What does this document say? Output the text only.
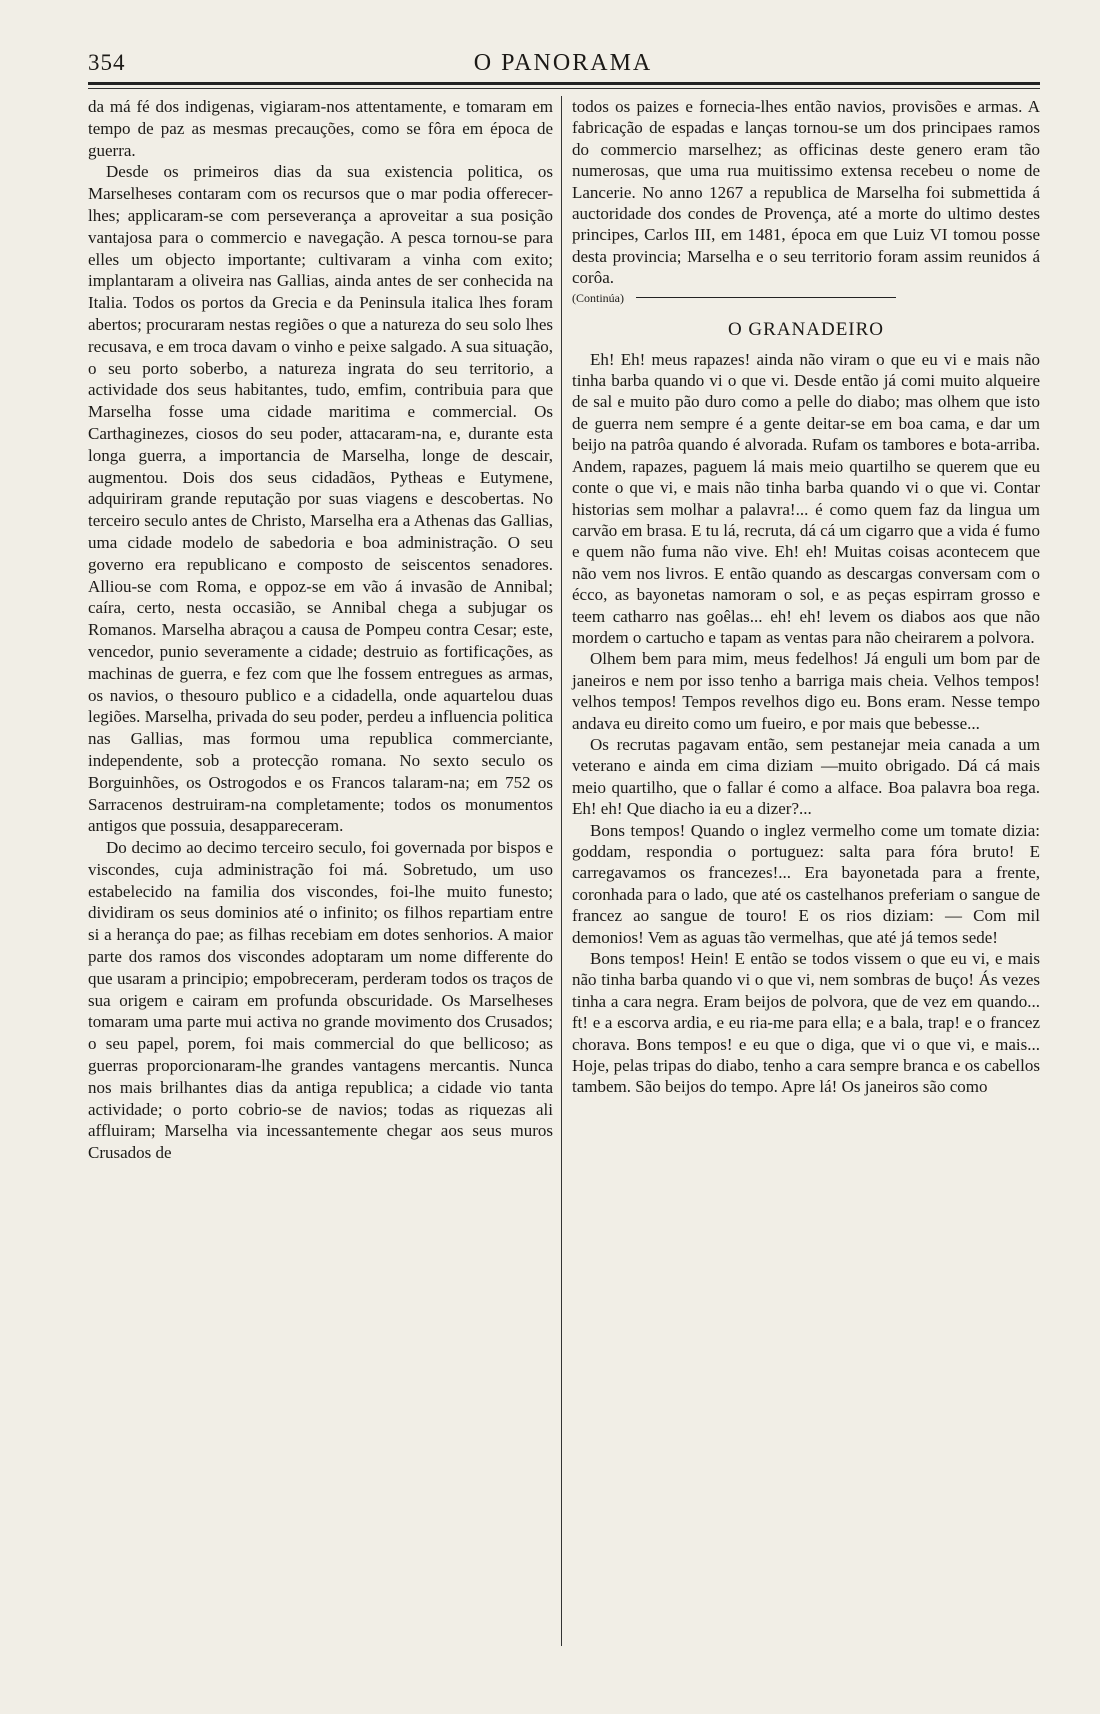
354	O PANORAMA

da má fé dos indigenas, vigiaram-nos attentamente, e tomaram em tempo de paz as mesmas precauções, como se fôra em época de guerra.

Desde os primeiros dias da sua existencia politica, os Marselheses contaram com os recursos que o mar podia offerecer-lhes; applicaram-se com perseverança a aproveitar a sua posição vantajosa para o commercio e navegação. A pesca tornou-se para elles um objecto importante; cultivaram a vinha com exito; implantaram a oliveira nas Gallias, ainda antes de ser conhecida na Italia. Todos os portos da Grecia e da Peninsula italica lhes foram abertos; procuraram nestas regiões o que a natureza do seu solo lhes recusava, e em troca davam o vinho e peixe salgado. A sua situação, o seu porto soberbo, a natureza ingrata do seu territorio, a actividade dos seus habitantes, tudo, emfim, contribuia para que Marselha fosse uma cidade maritima e commercial. Os Carthaginezes, ciosos do seu poder, attacaram-na, e, durante esta longa guerra, a importancia de Marselha, longe de descair, augmentou. Dois dos seus cidadãos, Pytheas e Eutymene, adquiriram grande reputação por suas viagens e descobertas. No terceiro seculo antes de Christo, Marselha era a Athenas das Gallias, uma cidade modelo de sabedoria e boa administração. O seu governo era republicano e composto de seiscentos senadores. Alliou-se com Roma, e oppoz-se em vão á invasão de Annibal; caíra, certo, nesta occasião, se Annibal chega a subjugar os Romanos. Marselha abraçou a causa de Pompeu contra Cesar; este, vencedor, punio severamente a cidade; destruio as fortificações, as machinas de guerra, e fez com que lhe fossem entregues as armas, os navios, o thesouro publico e a cidadella, onde aquartelou duas legiões. Marselha, privada do seu poder, perdeu a influencia politica nas Gallias, mas formou uma republica commerciante, independente, sob a protecção romana. No sexto seculo os Borguinhões, os Ostrogodos e os Francos talaram-na; em 752 os Sarracenos destruiram-na completamente; todos os monumentos antigos que possuia, desappareceram.

Do decimo ao decimo terceiro seculo, foi governada por bispos e viscondes, cuja administração foi má. Sobretudo, um uso estabelecido na familia dos viscondes, foi-lhe muito funesto; dividiram os seus dominios até o infinito; os filhos repartiam entre si a herança do pae; as filhas recebiam em dotes senhorios. A maior parte dos ramos dos viscondes adoptaram um nome differente do que usaram a principio; empobreceram, perderam todos os traços de sua origem e cairam em profunda obscuridade. Os Marselheses tomaram uma parte mui activa no grande movimento dos Crusados; o seu papel, porem, foi mais commercial do que bellicoso; as guerras proporcionaram-lhe grandes vantagens mercantis. Nunca nos mais brilhantes dias da antiga republica; a cidade vio tanta actividade; o porto cobrio-se de navios; todas as riquezas ali affluiram; Marselha via incessantemente chegar aos seus muros Crusados de

todos os paizes e fornecia-lhes então navios, provisões e armas. A fabricação de espadas e lanças tornou-se um dos principaes ramos do commercio marselhez; as officinas deste genero eram tão numerosas, que uma rua muitissimo extensa recebeu o nome de Lancerie. No anno 1267 a republica de Marselha foi submettida á auctoridade dos condes de Provença, até a morte do ultimo destes principes, Carlos III, em 1481, época em que Luiz VI tomou posse desta provincia; Marselha e o seu territorio foram assim reunidos á corôa.

(Continúa)
O GRANADEIRO

Eh! Eh! meus rapazes! ainda não viram o que eu vi e mais não tinha barba quando vi o que vi. Desde então já comi muito alqueire de sal e muito pão duro como a pelle do diabo; mas olhem que isto de guerra nem sempre é a gente deitar-se em boa cama, e dar um beijo na patrôa quando é alvorada. Rufam os tambores e bota-arriba. Andem, rapazes, paguem lá mais meio quartilho se querem que eu conte o que vi, e mais não tinha barba quando vi o que vi. Contar historias sem molhar a palavra!... é como quem faz da lingua um carvão em brasa. E tu lá, recruta, dá cá um cigarro que a vida é fumo e quem não fuma não vive. Eh! eh! Muitas coisas acontecem que não vem nos livros. E então quando as descargas conversam com o écco, as bayonetas namoram o sol, e as peças espirram grosso e teem catharro nas goêlas... eh! eh! levem os diabos aos que não mordem o cartucho e tapam as ventas para não cheirarem a polvora.

Olhem bem para mim, meus fedelhos! Já enguli um bom par de janeiros e nem por isso tenho a barriga mais cheia. Velhos tempos! velhos tempos! Tempos revelhos digo eu. Bons eram. Nesse tempo andava eu direito como um fueiro, e por mais que bebesse...

Os recrutas pagavam então, sem pestanejar meia canada a um veterano e ainda em cima diziam —muito obrigado. Dá cá mais meio quartilho, que o fallar é como a alface. Boa palavra boa rega. Eh! eh! Que diacho ia eu a dizer?...

Bons tempos! Quando o inglez vermelho come um tomate dizia: goddam, respondia o portuguez: salta para fóra bruto! E carregavamos os francezes!... Era bayonetada para a frente, coronhada para o lado, que até os castelhanos preferiam o sangue de francez ao sangue de touro! E os rios diziam: — Com mil demonios! Vem as aguas tão vermelhas, que até já temos sede!

Bons tempos! Hein! E então se todos vissem o que eu vi, e mais não tinha barba quando vi o que vi, nem sombras de buço! Ás vezes tinha a cara negra. Eram beijos de polvora, que de vez em quando... ft! e a escorva ardia, e eu ria-me para ella; e a bala, trap! e o francez chorava. Bons tempos! e eu que o diga, que vi o que vi, e mais... Hoje, pelas tripas do diabo, tenho a cara sempre branca e os cabellos tambem. São beijos do tempo. Apre lá! Os janeiros são como
